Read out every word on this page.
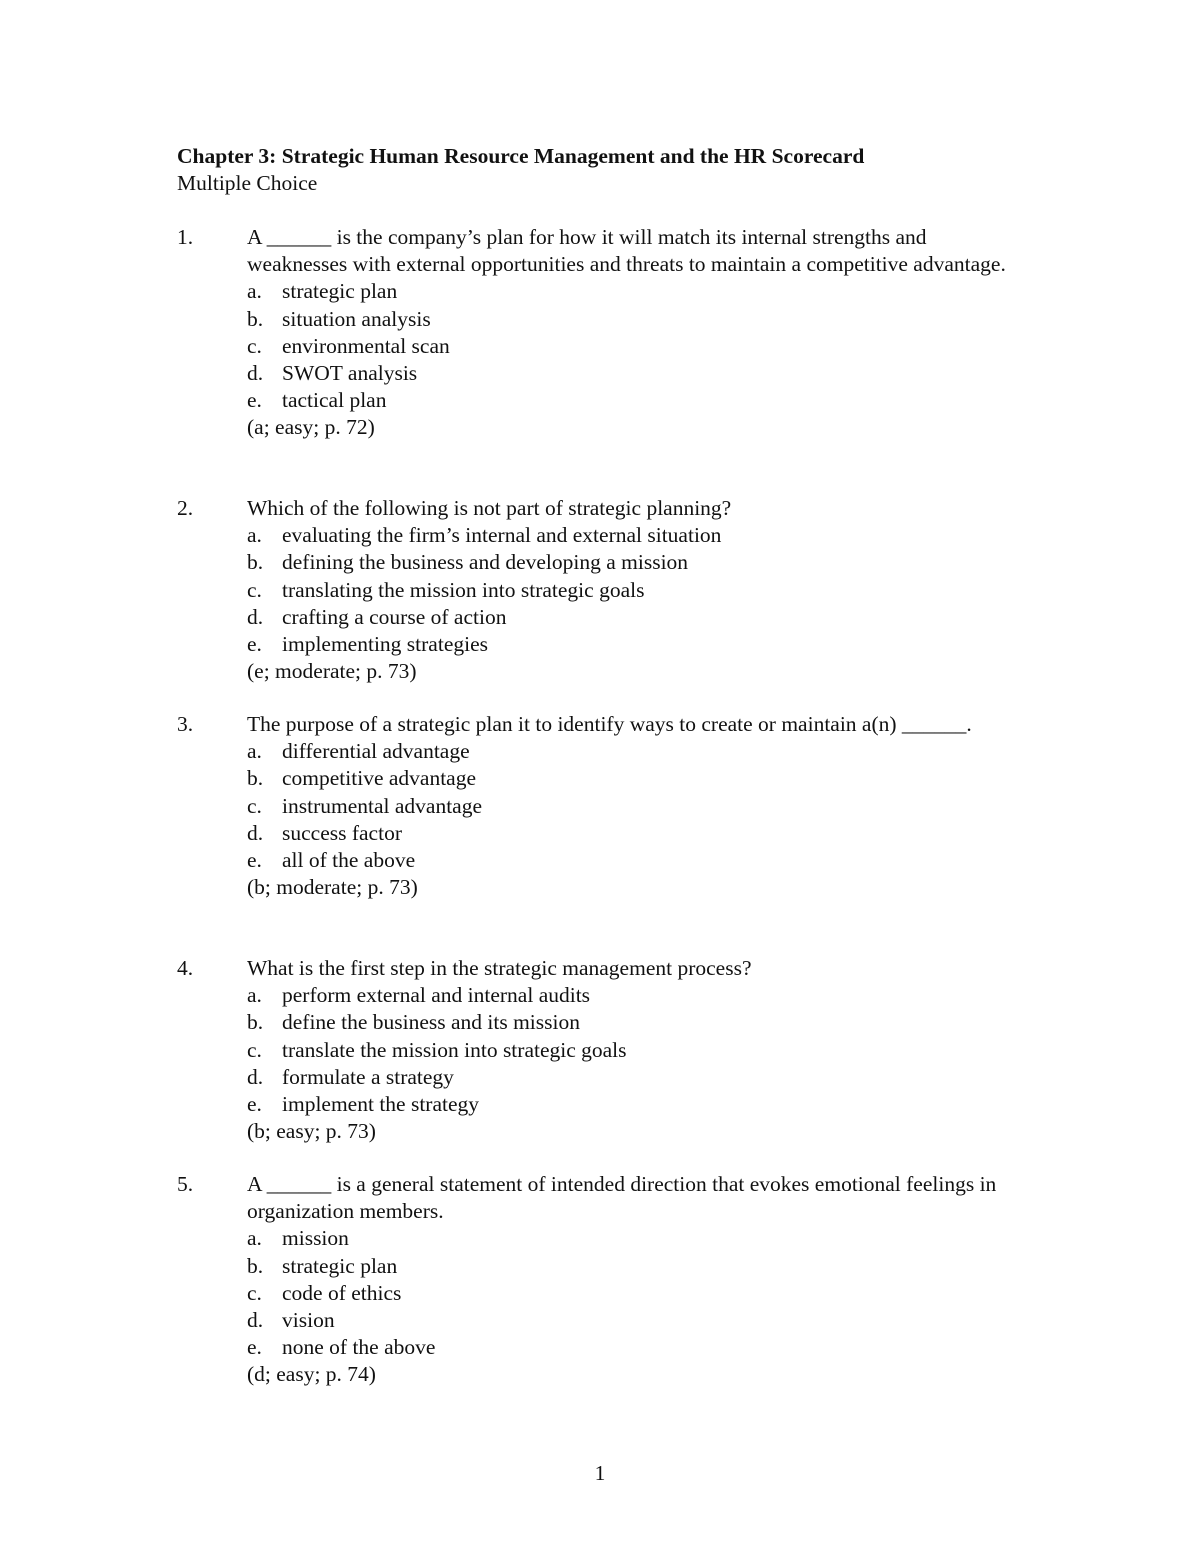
Chapter 3: Strategic Human Resource Management and the HR Scorecard
Multiple Choice
1.	A ______ is the company’s plan for how it will match its internal strengths and weaknesses with external opportunities and threats to maintain a competitive advantage.
a. strategic plan
b. situation analysis
c. environmental scan
d. SWOT analysis
e. tactical plan
(a; easy; p. 72)
2.	Which of the following is not part of strategic planning?
a. evaluating the firm’s internal and external situation
b. defining the business and developing a mission
c. translating the mission into strategic goals
d. crafting a course of action
e. implementing strategies
(e; moderate; p. 73)
3.	The purpose of a strategic plan it to identify ways to create or maintain a(n) ______.
a. differential advantage
b. competitive advantage
c. instrumental advantage
d. success factor
e. all of the above
(b; moderate; p. 73)
4.	What is the first step in the strategic management process?
a. perform external and internal audits
b. define the business and its mission
c. translate the mission into strategic goals
d. formulate a strategy
e. implement the strategy
(b; easy; p. 73)
5.	A ______ is a general statement of intended direction that evokes emotional feelings in organization members.
a. mission
b. strategic plan
c. code of ethics
d. vision
e. none of the above
(d; easy; p. 74)
1
